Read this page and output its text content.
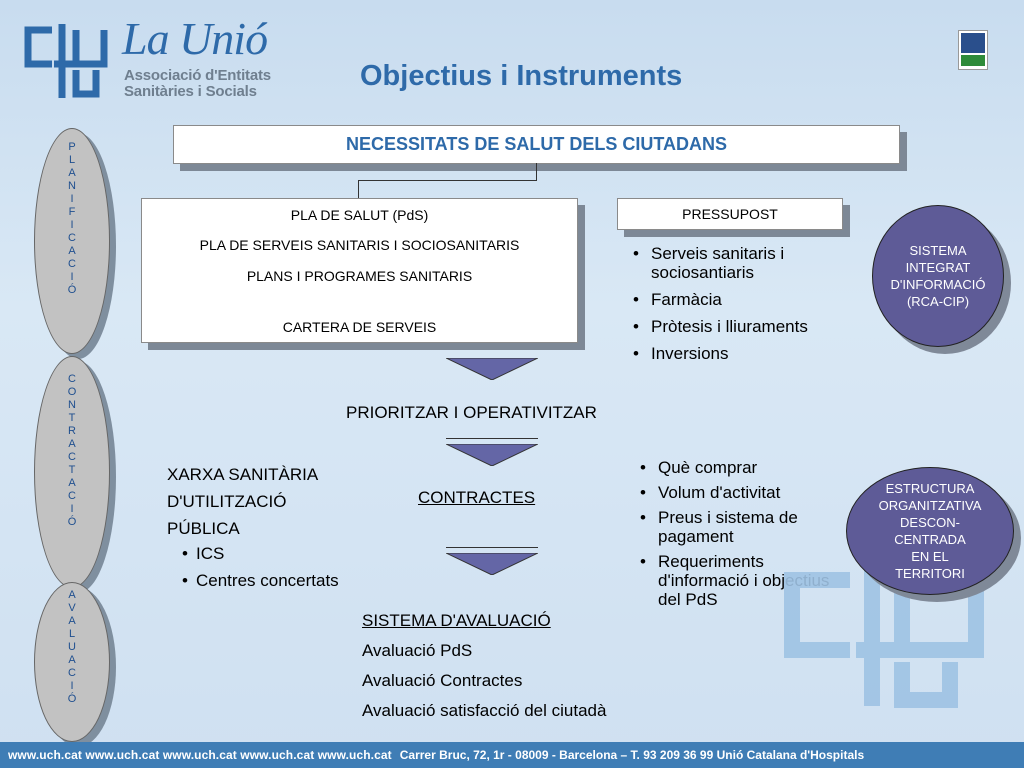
La Unió
Associació d'Entitats
Sanitàries i Socials	Objectius i Instruments
P
L
A
N
I
F
I
C
A
C
I
Ó
C
O
N
T
R
A
C
T
A
C
I
Ó
A
V
A
L
U
A
C
I
Ó
NECESSITATS DE SALUT DELS CIUTADANS
PLA DE SALUT (PdS)
PLA DE SERVEIS SANITARIS I SOCIOSANITARIS
PLANS I PROGRAMES SANITARIS
CARTERA DE SERVEIS
PRESSUPOST
• Serveis sanitaris i sociosantiaris
• Farmàcia
• Pròtesis i lliuraments
• Inversions
SISTEMA
INTEGRAT
D'INFORMACIÓ
(RCA-CIP)
PRIORITZAR I OPERATIVITZAR
XARXA SANITÀRIA
D'UTILITZACIÓ
PÚBLICA
• ICS
• Centres concertats
CONTRACTES
• Què comprar
• Volum d'activitat
• Preus i sistema de pagament
• Requeriments d'informació i objectius del PdS
ESTRUCTURA
ORGANITZATIVA
DESCON-
CENTRADA
EN EL
TERRITORI
SISTEMA D'AVALUACIÓ
Avaluació PdS
Avaluació Contractes
Avaluació satisfacció del ciutadà
www.uch.cat www.uch.cat www.uch.cat www.uch.cat www.uch.cat Carrer Bruc, 72, 1r - 08009 - Barcelona – T. 93 209 36 99 Unió Catalana d'Hospitals
